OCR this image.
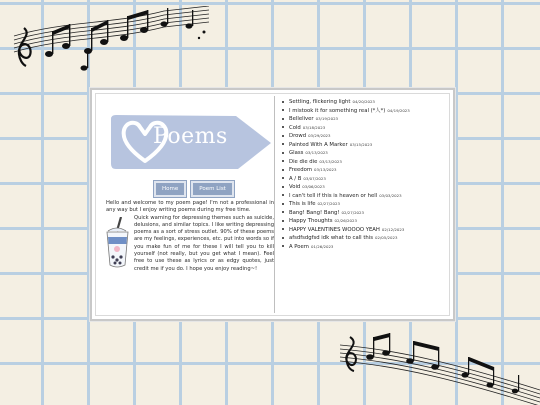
Poems
Home	Poem List

Hello and welcome to my poem page! I'm not a professional in any way but I enjoy writing poems during my free time.

Quick warning for depressing themes such as suicide, delusions, and similar topics. I like writing depressing poems as a sort of stress outlet. 90% of these poems are my feelings, experiences, etc. put into words so if you make fun of me for these I will tell you to kill yourself (not really, but you get what I mean). Feel free to use these as lyrics or as edgy quotes, just credit me if you do. I hope you enjoy reading~!

Settling, flickering light 04/20/2023
I mistook it for something real (*人*) 04/19/2023
Belleliver 03/19/2023
Cold 03/18/2023
Drowd 03/29/2023
Painted With A Marker 03/15/2023
Glass 03/13/2023
Die die die 03/13/2023
Freedom 03/13/2023
A / B 03/07/2023
Void 03/06/2023
I can't tell if this is heaven or hell 03/03/2023
This is life 02/27/2023
Bang! Bang! Bang! 02/27/2023
Happy Thoughts 02/26/2023
HAPPY VALENTINES WOOOO YEAH 02/12/2023
afsdfsdgfsd idk what to call this 02/05/2023
A Poem 01/26/2023
